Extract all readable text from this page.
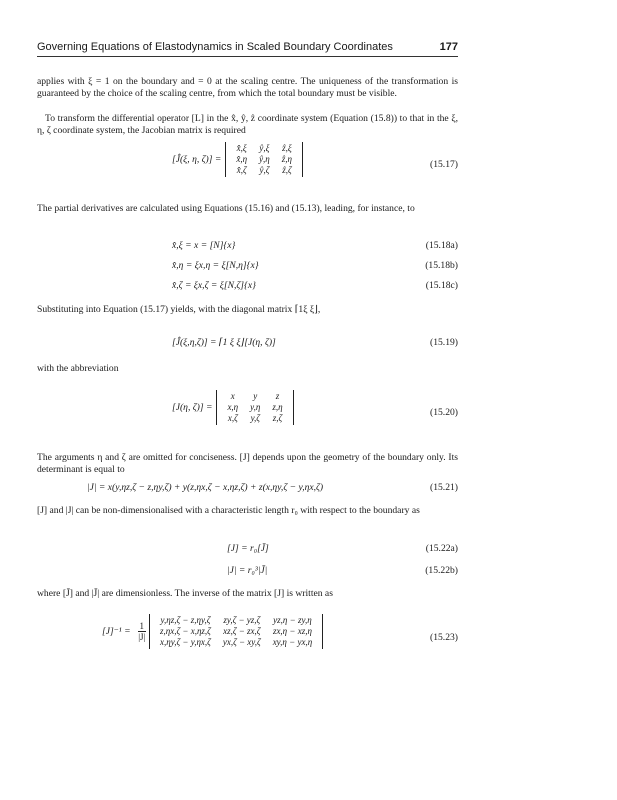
Governing Equations of Elastodynamics in Scaled Boundary Coordinates	177

applies with ξ = 1 on the boundary and = 0 at the scaling centre. The uniqueness of the transformation is guaranteed by the choice of the scaling centre, from which the total boundary must be visible.

To transform the differential operator [L] in the x̂, ŷ, ẑ coordinate system (Equation (15.8)) to that in the ξ, η, ζ coordinate system, the Jacobian matrix is required

[Ĵ(ξ, η, ζ)] =
x̂,ξ	ŷ,ξ	ẑ,ξ
x̂,η	ŷ,η	ẑ,η
x̂,ζ	ŷ,ζ	ẑ,ζ	(15.17)

The partial derivatives are calculated using Equations (15.16) and (15.13), leading, for instance, to

x̂,ξ = x = [N]{x}	(15.18a)
x̂,η = ξx,η = ξ[N,η]{x}	(15.18b)
x̂,ζ = ξx,ζ = ξ[N,ζ]{x}	(15.18c)

Substituting into Equation (15.17) yields, with the diagonal matrix ⌈1ξ ξ⌋,

[Ĵ(ξ,η,ζ)] = ⌈1 ξ ξ⌋[J(η, ζ)]	(15.19)

with the abbreviation

[J(η, ζ)] =
x	y	z
x,η	y,η	z,η
x,ζ	y,ζ	z,ζ	(15.20)

The arguments η and ζ are omitted for conciseness. [J] depends upon the geometry of the boundary only. Its determinant is equal to

|J| = x(y,ηz,ζ − z,ηy,ζ) + y(z,ηx,ζ − x,ηz,ζ) + z(x,ηy,ζ − y,ηx,ζ)	(15.21)

[J] and |J| can be non-dimensionalised with a characteristic length r₀ with respect to the boundary as

[J] = r₀[J̄]	(15.22a)
|J| = r₀³|J̄|	(15.22b)

where [J̄] and |J̄| are dimensionless. The inverse of the matrix [J] is written as

$[J]^{-1} = \frac{1}{|J|}$
y,ηz,ζ − z,ηy,ζ	zy,ζ − yz,ζ	yz,η − zy,η
z,ηx,ζ − x,ηz,ζ	xz,ζ − zx,ζ	zx,η − xz,η
x,ηy,ζ − y,ηx,ζ	yx,ζ − xy,ζ	xy,η − yx,η	(15.23)
